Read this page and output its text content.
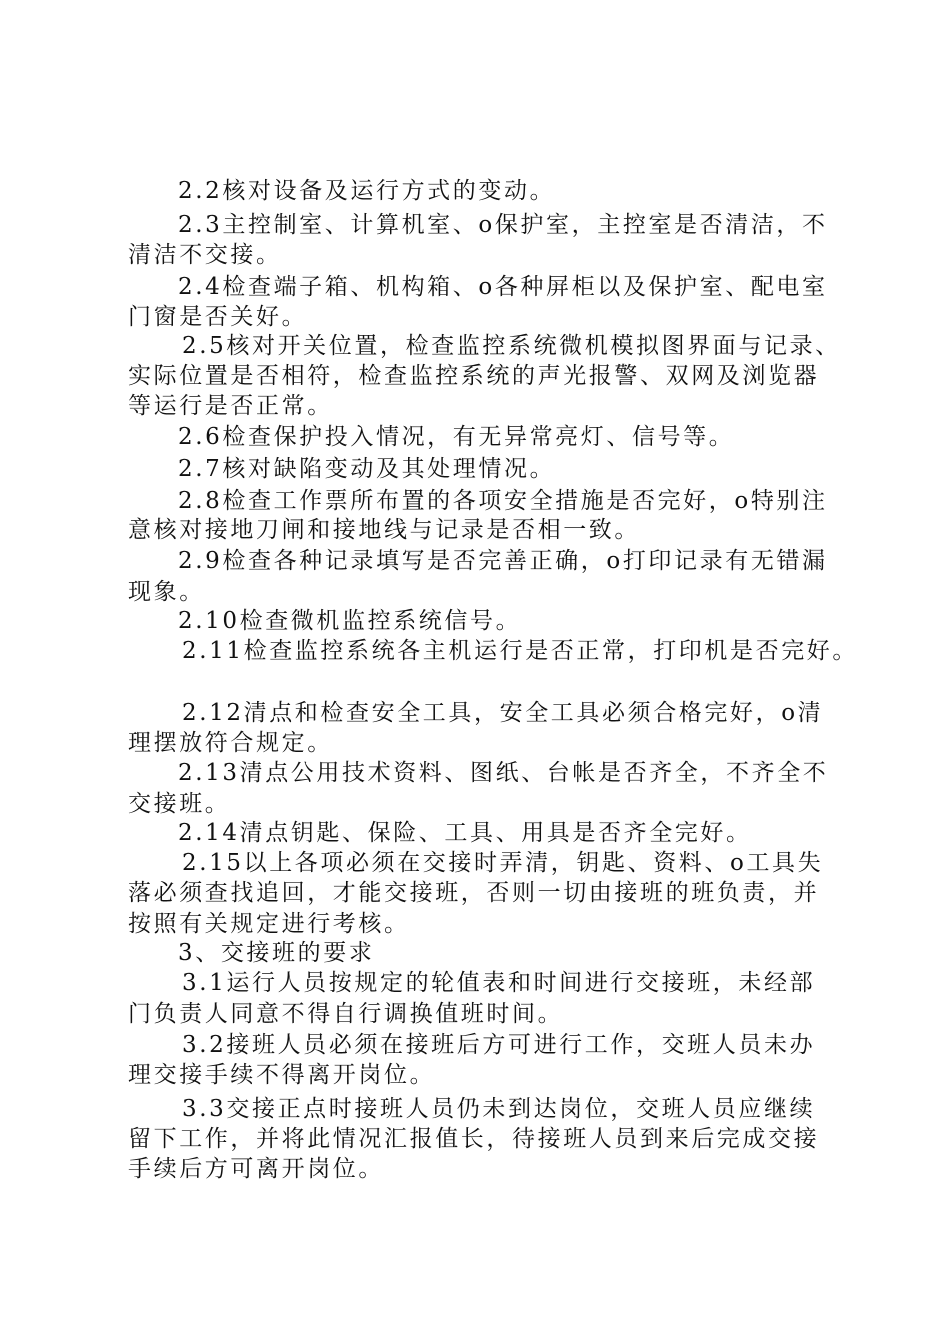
2.2核对设备及运行方式的变动。
2.3主控制室、计算机室、o保护室，主控室是否清洁，不
清洁不交接。
2.4检查端子箱、机构箱、o各种屏柜以及保护室、配电室
门窗是否关好。
2.5核对开关位置，检查监控系统微机模拟图界面与记录、
实际位置是否相符，检查监控系统的声光报警、双网及浏览器
等运行是否正常。
2.6检查保护投入情况，有无异常亮灯、信号等。
2.7核对缺陷变动及其处理情况。
2.8检查工作票所布置的各项安全措施是否完好，o特别注
意核对接地刀闸和接地线与记录是否相一致。
2.9检查各种记录填写是否完善正确，o打印记录有无错漏
现象。
2.10检查微机监控系统信号。
2.11检查监控系统各主机运行是否正常，打印机是否完好。
2.12清点和检查安全工具，安全工具必须合格完好，o清
理摆放符合规定。
2.13清点公用技术资料、图纸、台帐是否齐全，不齐全不
交接班。
2.14清点钥匙、保险、工具、用具是否齐全完好。
2.15以上各项必须在交接时弄清，钥匙、资料、o工具失
落必须查找追回，才能交接班，否则一切由接班的班负责，并
按照有关规定进行考核。
3、交接班的要求
3.1运行人员按规定的轮值表和时间进行交接班，未经部
门负责人同意不得自行调换值班时间。
3.2接班人员必须在接班后方可进行工作，交班人员未办
理交接手续不得离开岗位。
3.3交接正点时接班人员仍未到达岗位，交班人员应继续
留下工作，并将此情况汇报值长，待接班人员到来后完成交接
手续后方可离开岗位。
